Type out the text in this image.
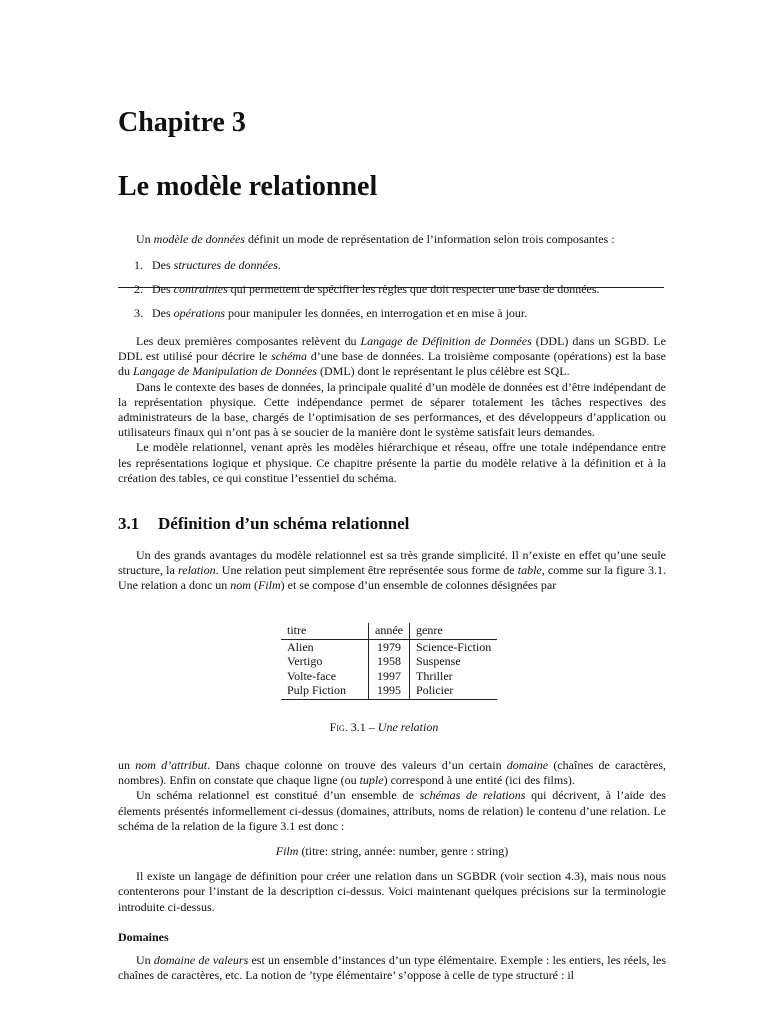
Chapitre 3
Le modèle relationnel

Un modèle de données définit un mode de représentation de l’information selon trois composantes :

1. Des structures de données.
2. Des contraintes qui permettent de spécifier les règles que doit respecter une base de données.
3. Des opérations pour manipuler les données, en interrogation et en mise à jour.

Les deux premières composantes relèvent du Langage de Définition de Données (DDL) dans un SGBD. Le DDL est utilisé pour décrire le schéma d’une base de données. La troisième composante (opérations) est la base du Langage de Manipulation de Données (DML) dont le représentant le plus célèbre est SQL.

Dans le contexte des bases de données, la principale qualité d’un modèle de données est d’être indépendant de la représentation physique. Cette indépendance permet de séparer totalement les tâches respectives des administrateurs de la base, chargés de l’optimisation de ses performances, et des développeurs d’application ou utilisateurs finaux qui n’ont pas à se soucier de la manière dont le système satisfait leurs demandes.

Le modèle relationnel, venant après les modèles hiérarchique et réseau, offre une totale indépendance entre les représentations logique et physique. Ce chapitre présente la partie du modèle relative à la définition et à la création des tables, ce qui constitue l’essentiel du schéma.

3.1 Définition d’un schéma relationnel

Un des grands avantages du modèle relationnel est sa très grande simplicité. Il n’existe en effet qu’une seule structure, la relation. Une relation peut simplement être représentée sous forme de table, comme sur la figure 3.1. Une relation a donc un nom (Film) et se compose d’un ensemble de colonnes désignées par

titre	année	genre
Alien	1979	Science-Fiction
Vertigo	1958	Suspense
Volte-face	1997	Thriller
Pulp Fiction	1995	Policier
Fig. 3.1 – Une relation

un nom d’attribut. Dans chaque colonne on trouve des valeurs d’un certain domaine (chaînes de caractères, nombres). Enfin on constate que chaque ligne (ou tuple) correspond à une entité (ici des films).

Un schéma relationnel est constitué d’un ensemble de schémas de relations qui décrivent, à l’aide des élements présentés informellement ci-dessus (domaines, attributs, noms de relation) le contenu d’une relation. Le schéma de la relation de la figure 3.1 est donc :

Film (titre: string, année: number, genre : string)

Il existe un langage de définition pour créer une relation dans un SGBDR (voir section 4.3), mais nous nous contenterons pour l’instant de la description ci-dessus. Voici maintenant quelques précisions sur la terminologie introduite ci-dessus.

Domaines

Un domaine de valeurs est un ensemble d’instances d’un type élémentaire. Exemple : les entiers, les réels, les chaînes de caractères, etc. La notion de ’type élémentaire’ s’oppose à celle de type structuré : il
